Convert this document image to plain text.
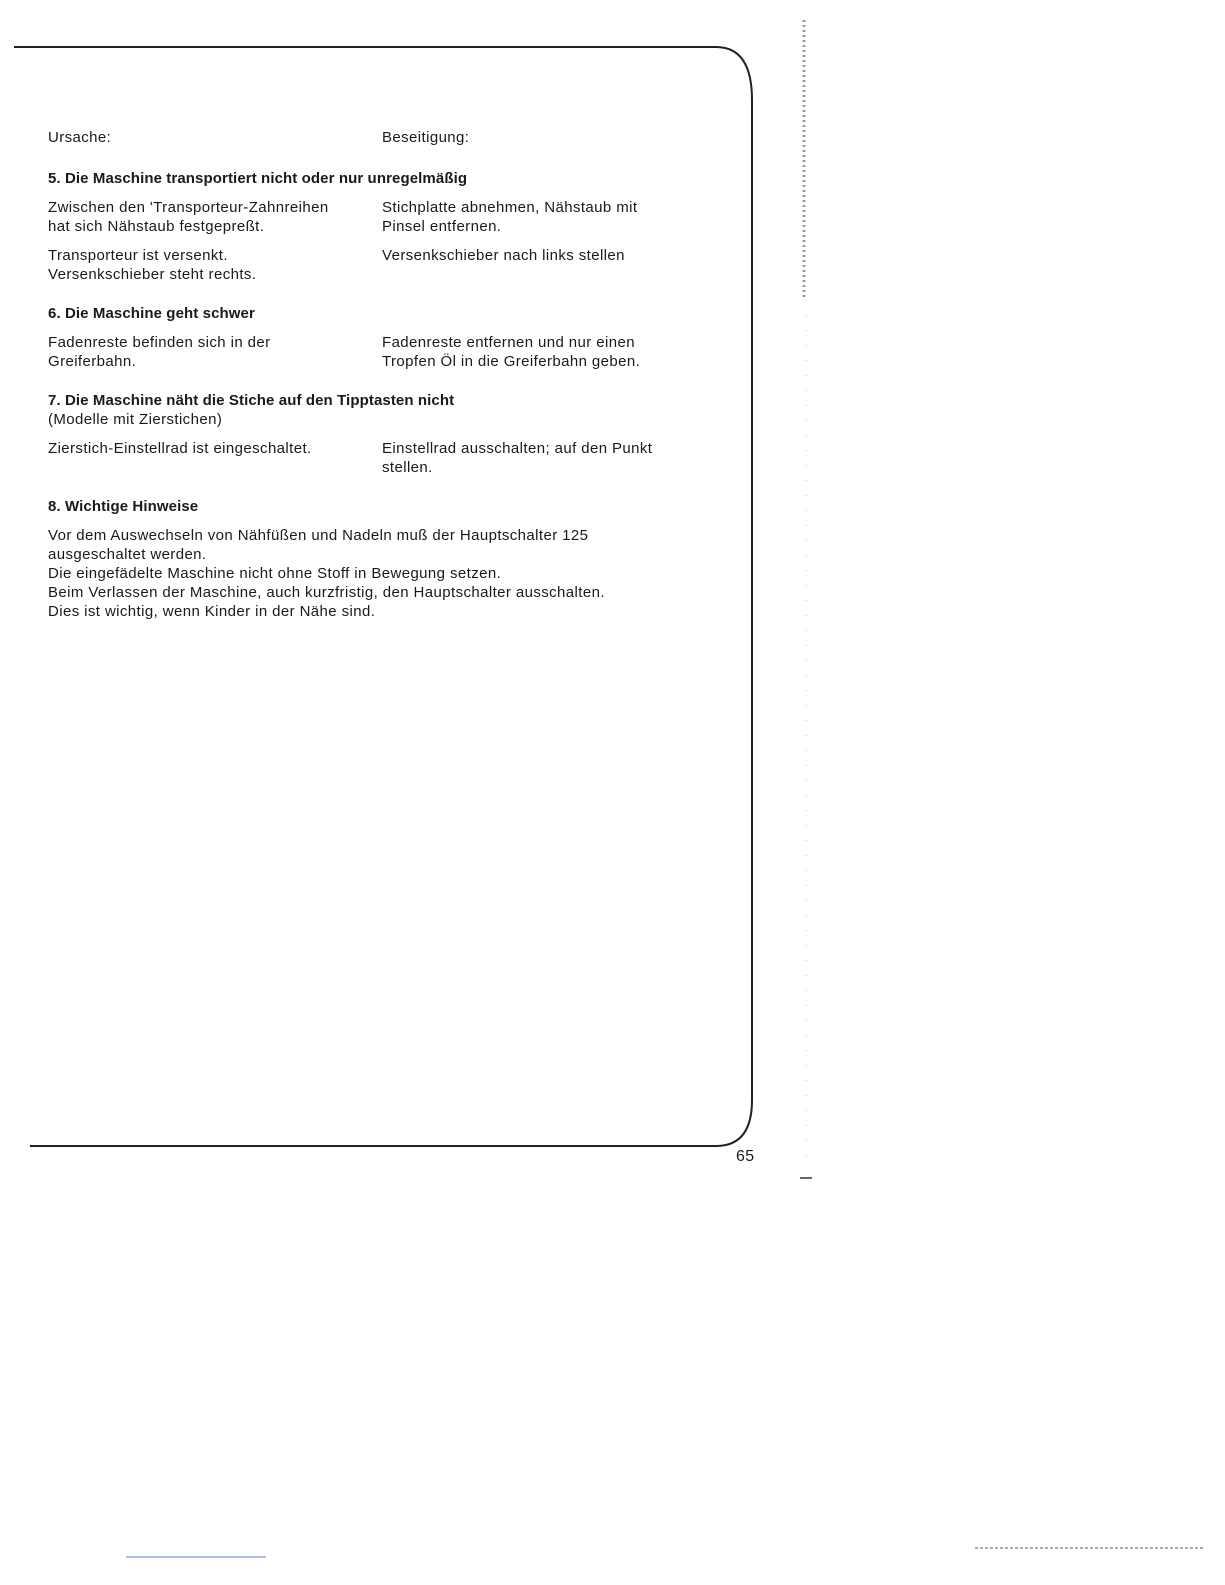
Ursache:	Beseitigung:
5. Die Maschine transportiert nicht oder nur unregelmäßig
Zwischen den 'Transporteur-Zahnreihen
hat sich Nähstaub festgepreßt.
Stichplatte abnehmen, Nähstaub mit
Pinsel entfernen.
Transporteur ist versenkt.
Versenkschieber steht rechts.
Versenkschieber nach links stellen
6. Die Maschine geht schwer
Fadenreste befinden sich in der
Greiferbahn.
Fadenreste entfernen und nur einen
Tropfen Öl in die Greiferbahn geben.
7. Die Maschine näht die Stiche auf den Tipptasten nicht
(Modelle mit Zierstichen)
Zierstich-Einstellrad ist eingeschaltet.	Einstellrad ausschalten; auf den Punkt
stellen.
8. Wichtige Hinweise
Vor dem Auswechseln von Nähfüßen und Nadeln muß der Hauptschalter 125
ausgeschaltet werden.
Die eingefädelte Maschine nicht ohne Stoff in Bewegung setzen.
Beim Verlassen der Maschine, auch kurzfristig, den Hauptschalter ausschalten.
Dies ist wichtig, wenn Kinder in der Nähe sind.
65
